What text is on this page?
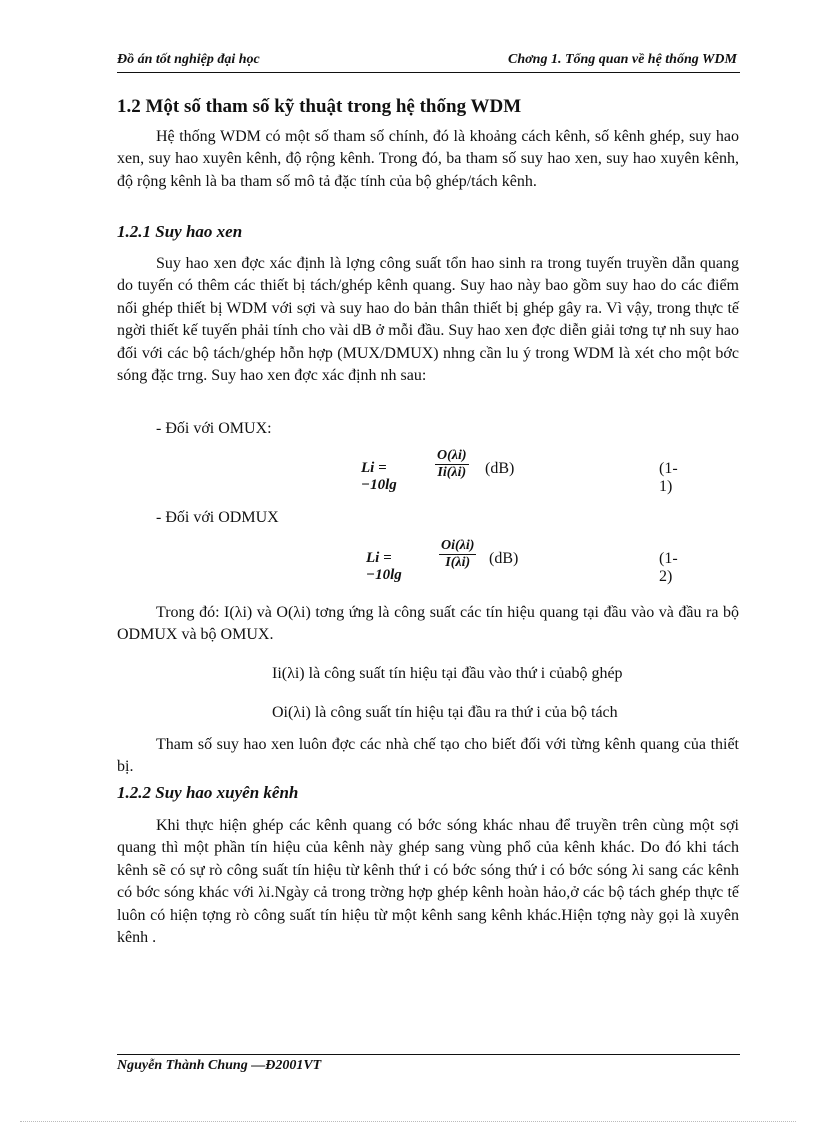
Đồ án tốt nghiệp đại học	Chơng 1. Tổng quan về hệ thống WDM
1.2 Một số tham số kỹ thuật trong hệ thống WDM

Hệ thống WDM có một số tham số chính, đó là khoảng cách kênh, số kênh ghép, suy hao xen, suy hao xuyên kênh, độ rộng kênh. Trong đó, ba tham số suy hao xen, suy hao xuyên kênh, độ rộng kênh là ba tham số mô tả đặc tính của bộ ghép/tách kênh.

1.2.1 Suy hao xen

Suy hao xen đợc xác định là lợng công suất tổn hao sinh ra trong tuyến truyền dẫn quang do tuyến có thêm các thiết bị tách/ghép kênh quang. Suy hao này bao gồm suy hao do các điểm nối ghép thiết bị WDM với sợi và suy hao do bản thân thiết bị ghép gây ra. Vì vậy, trong thực tế ngời thiết kế tuyến phải tính cho vài dB ở mỗi đầu. Suy hao xen đợc diễn giải tơng tự nh suy hao đối với các bộ tách/ghép hỗn hợp (MUX/DMUX) nhng cần lu ý trong WDM là xét cho một bớc sóng đặc trng. Suy hao xen đợc xác định nh sau:

- Đối với OMUX:
Li = −10lg
$\frac{O(\lambda i)}{Ii(\lambda i)} (dB)$	(1-1)
- Đối với ODMUX
Li = −10lg
$\frac{Oi(\lambda i)}{I(\lambda i)} (dB)$	(1-2)

Trong đó: I(λi) và O(λi) tơng ứng là công suất các tín hiệu quang tại đầu vào và đầu ra bộ ODMUX và bộ OMUX.

Ii(λi) là công suất tín hiệu tại đầu vào thứ i củabộ ghép
Oi(λi) là công suất tín hiệu tại đầu ra thứ i của bộ tách

Tham số suy hao xen luôn đợc các nhà chế tạo cho biết đối với từng kênh quang của thiết bị.

1.2.2 Suy hao xuyên kênh

Khi thực hiện ghép các kênh quang có bớc sóng khác nhau để truyền trên cùng một sợi quang thì một phần tín hiệu của kênh này ghép sang vùng phổ của kênh khác. Do đó khi tách kênh sẽ có sự rò công suất tín hiệu từ kênh thứ i có bớc sóng thứ i có bớc sóng λi sang các kênh có bớc sóng khác với λi.Ngày cả trong trờng hợp ghép kênh hoàn hảo,ở các bộ tách ghép thực tế luôn có hiện tợng rò công suất tín hiệu từ một kênh sang kênh khác.Hiện tợng này gọi là xuyên kênh .

Nguyễn Thành Chung —Đ2001VT
